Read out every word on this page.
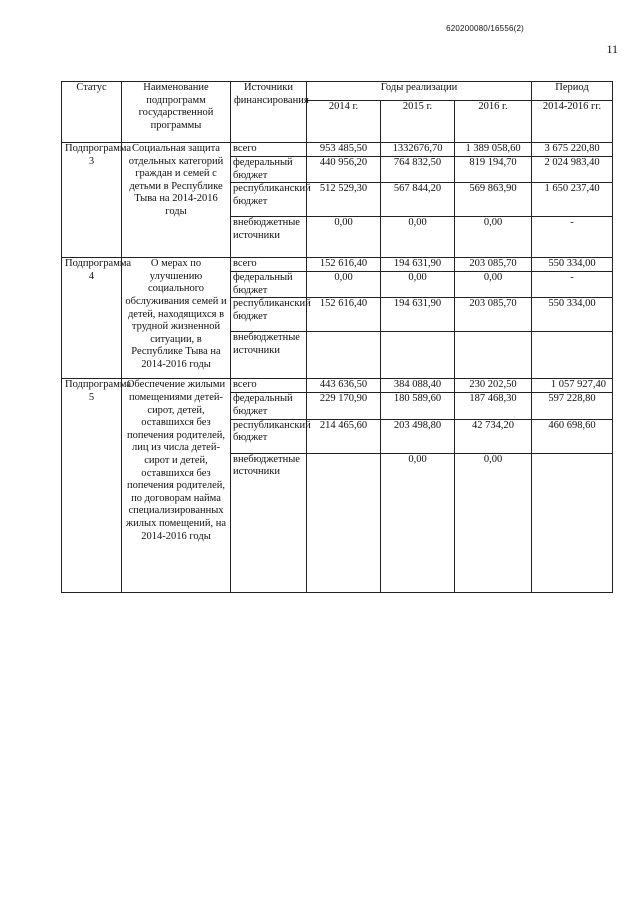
620200080/16556(2)
11
Статус	Наименование подпрограмм государственной программы	Источники финансирования	Годы реализации			Период
			2014 г.	2015 г.	2016 г.	2014-2016 гг.
Подпрограмма 3	Социальная защита отдельных категорий граждан и семей с детьми в Республике Тыва на 2014-2016 годы	всего	953 485,50	1332676,70	1 389 058,60	3 675 220,80
		федеральный бюджет	440 956,20	764 832,50	819 194,70	2 024 983,40
		республиканский бюджет	512 529,30	567 844,20	569 863,90	1 650 237,40
		внебюджетные источники	0,00	0,00	0,00	-
Подпрограмма 4	О мерах по улучшению социального обслуживания семей и детей, находящихся в трудной жизненной ситуации, в Республике Тыва на 2014-2016 годы	всего	152 616,40	194 631,90	203 085,70	550 334,00
		федеральный бюджет	0,00	0,00	0,00	-
		республиканский бюджет	152 616,40	194 631,90	203 085,70	550 334,00
		внебюджетные источники				
Подпрограмма 5	Обеспечение жилыми помещениями детей-сирот, детей, оставшихся без попечения родителей, лиц из числа детей-сирот и детей, оставшихся без попечения родителей, по договорам найма специализированных жилых помещений, на 2014-2016 годы	всего	443 636,50	384 088,40	230 202,50	1 057 927,40
		федеральный бюджет	229 170,90	180 589,60	187 468,30	597 228,80
		республиканский бюджет	214 465,60	203 498,80	42 734,20	460 698,60
		внебюджетные источники		0,00	0,00	
